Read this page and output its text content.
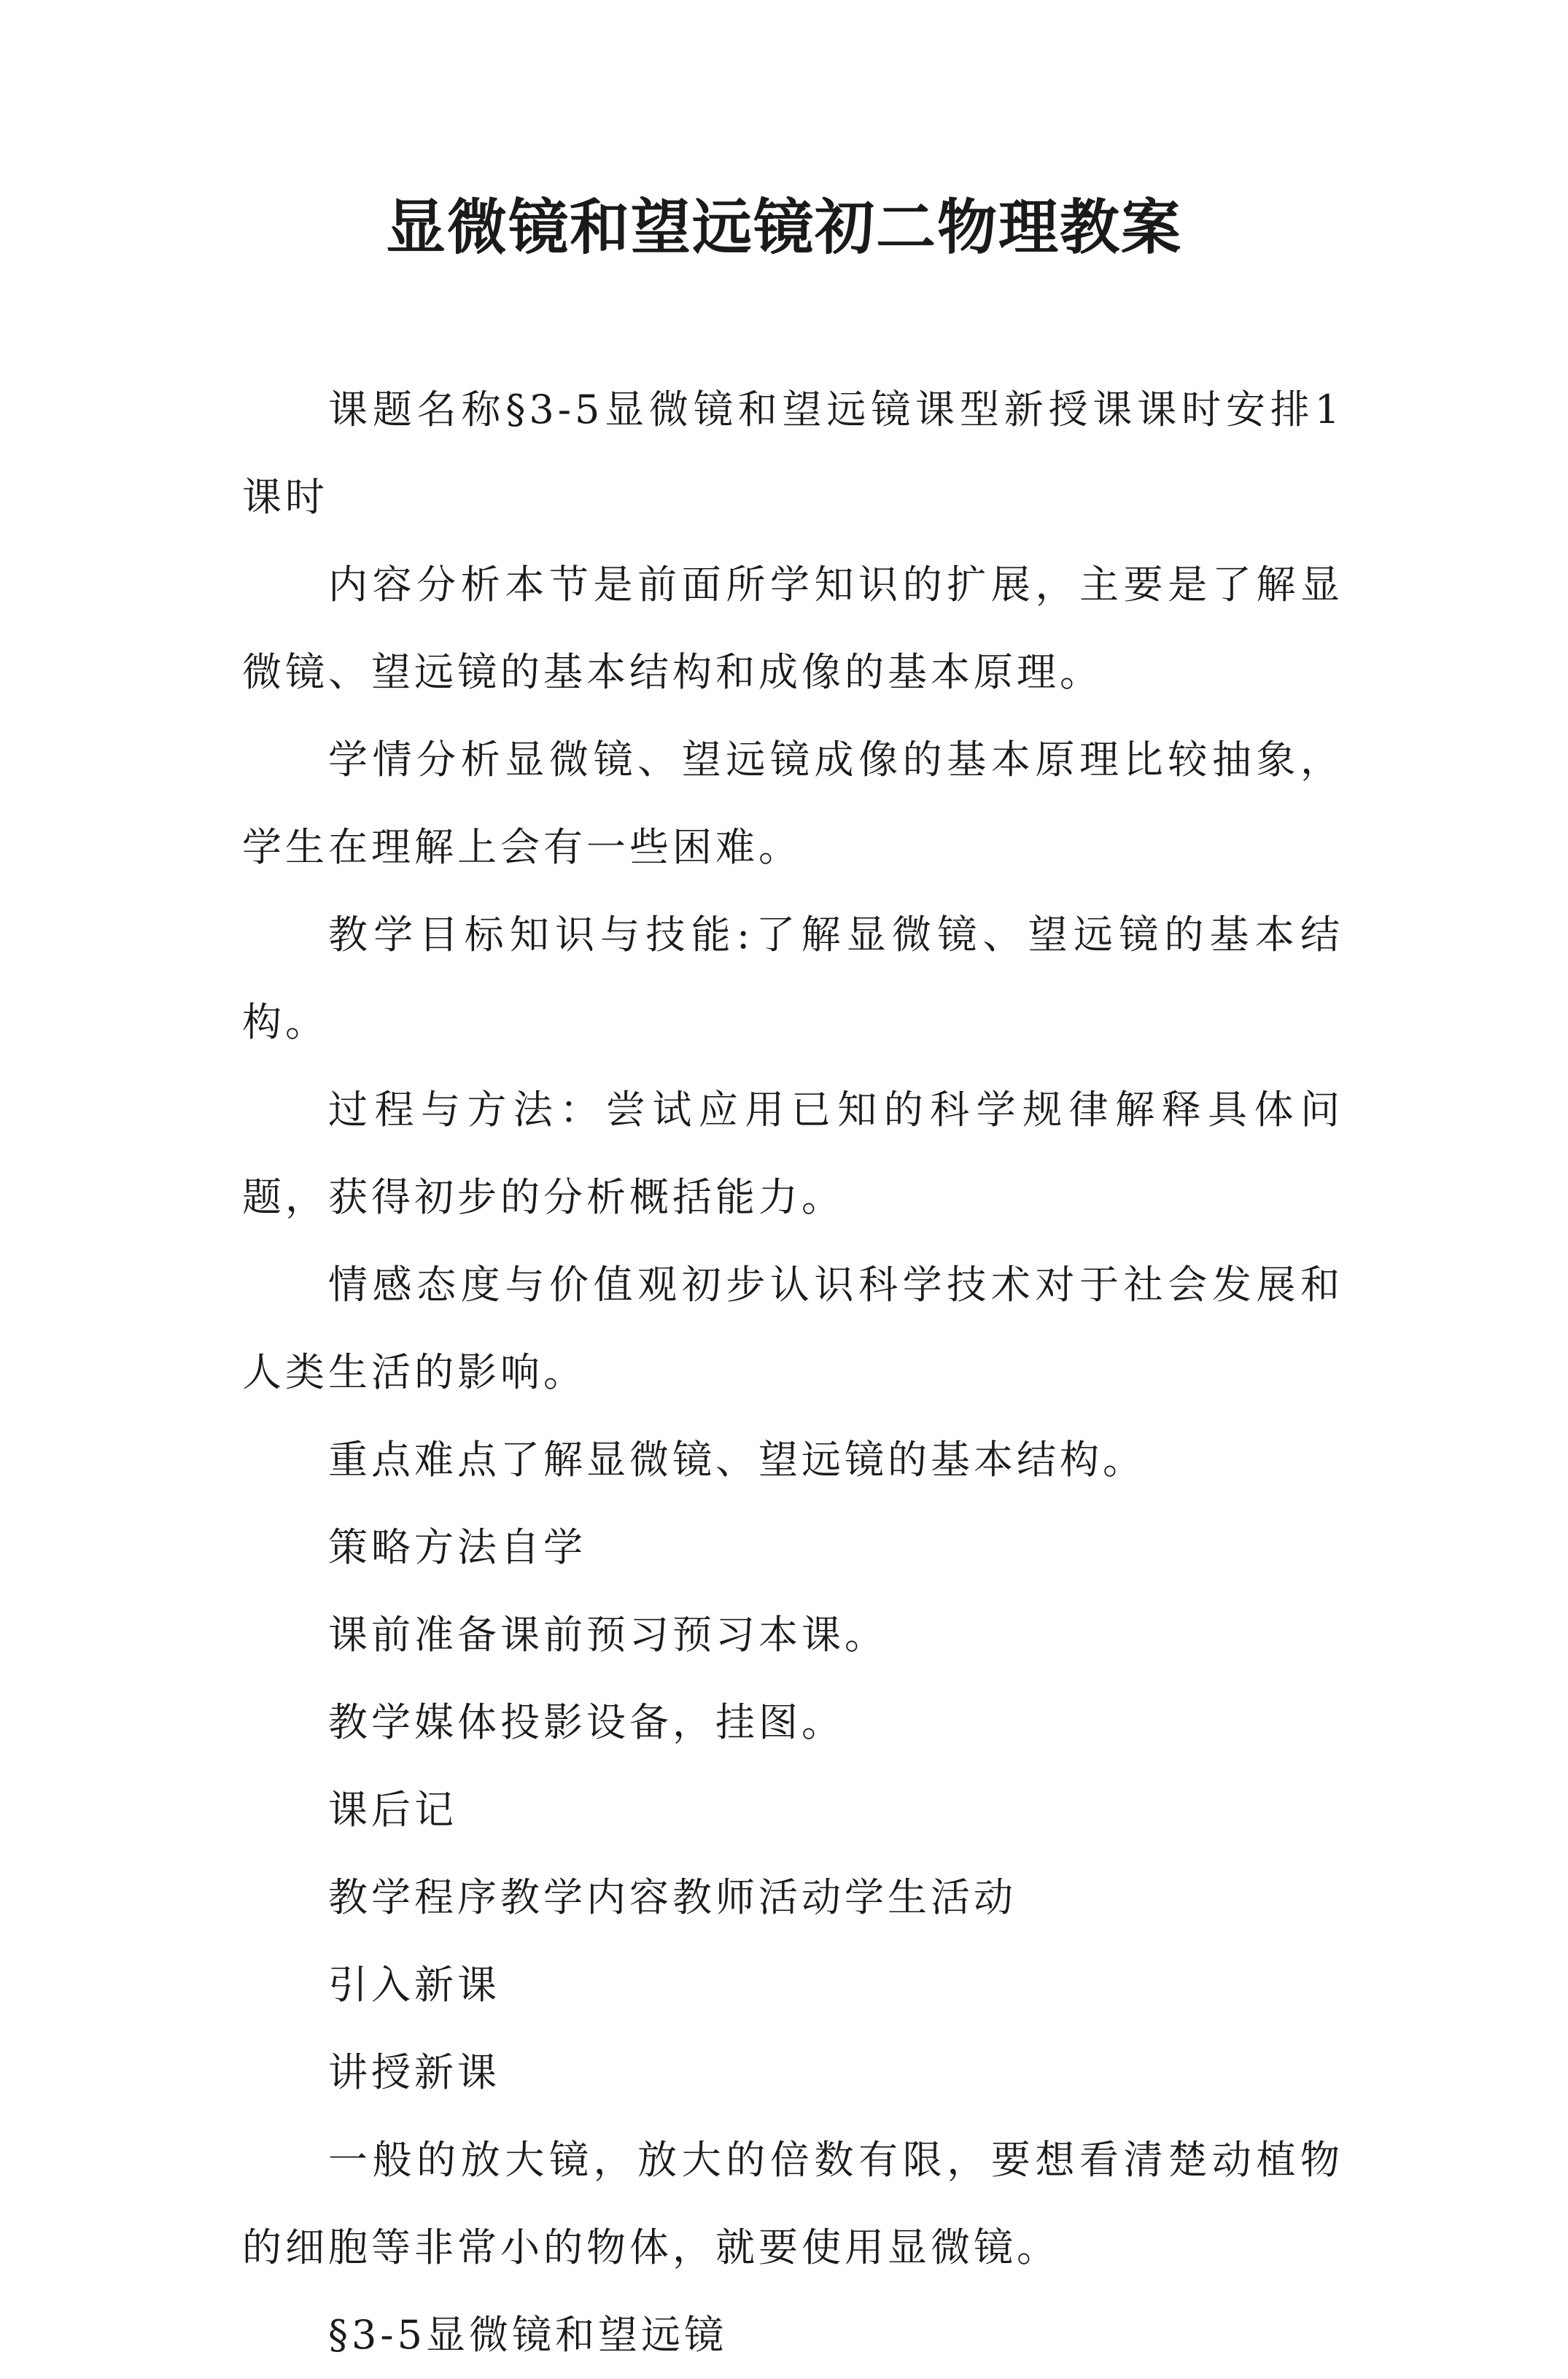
显微镜和望远镜初二物理教案

课题名称§3-5显微镜和望远镜课型新授课课时安排1课时

内容分析本节是前面所学知识的扩展，主要是了解显微镜、望远镜的基本结构和成像的基本原理。

学情分析显微镜、望远镜成像的基本原理比较抽象，学生在理解上会有一些困难。

教学目标知识与技能:了解显微镜、望远镜的基本结构。

过程与方法：尝试应用已知的科学规律解释具体问题，获得初步的分析概括能力。

情感态度与价值观初步认识科学技术对于社会发展和人类生活的影响。

重点难点了解显微镜、望远镜的基本结构。

策略方法自学

课前准备课前预习预习本课。

教学媒体投影设备，挂图。

课后记

教学程序教学内容教师活动学生活动

引入新课

讲授新课

一般的放大镜，放大的倍数有限，要想看清楚动植物的细胞等非常小的物体，就要使用显微镜。

§3-5显微镜和望远镜
